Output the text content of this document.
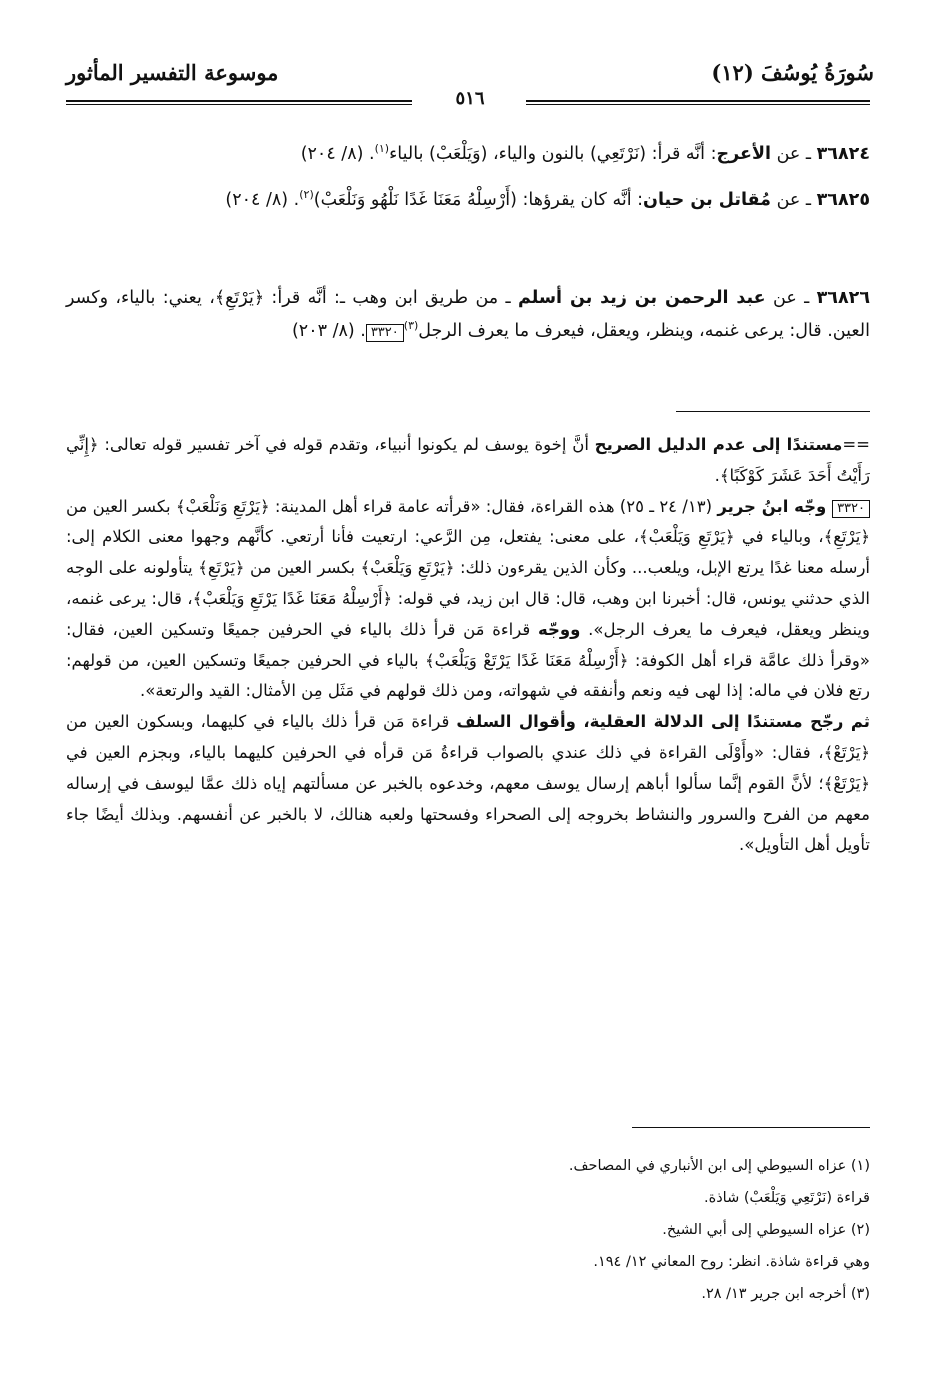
سُورَةُ يُوسُفَ (١٢)
موسوعة التفسير المأثور
٥١٦

٣٦٨٢٤ ـ عن الأعرج: أنَّه قرأ: (نَرْتَعِي) بالنون والياء، (وَيَلْعَبْ) بالياء$^{(١)}$. (٨/ ٢٠٤)

٣٦٨٢٥ ـ عن مُقاتل بن حيان: أنَّه كان يقرؤها: (أَرْسِلْهُ مَعَنَا غَدًا نَلْهُو وَنَلْعَبْ)$^{(٢)}$. (٨/ ٢٠٤)

٣٦٨٢٦ ـ عن عبد الرحمن بن زيد بن أسلم ـ من طريق ابن وهب ـ: أنَّه قرأ: ﴿يَرْتَعِ﴾، يعني: بالياء، وكسر العين. قال: يرعى غنمه، وينظر، ويعقل، فيعرف ما يعرف الرجل$^{(٣)}$٣٣٢٠. (٨/ ٢٠٣)

==مستندًا إلى عدم الدليل الصريح أنَّ إخوة يوسف لم يكونوا أنبياء، وتقدم قوله في آخر تفسير قوله تعالى: ﴿إِنِّي رَأَيْتُ أَحَدَ عَشَرَ كَوْكَبًا﴾.

٣٣٢٠ وجّه ابنُ جرير (١٣/ ٢٤ ـ ٢٥) هذه القراءة، فقال: «قرأته عامة قراء أهل المدينة: ﴿يَرْتَعِ وَنَلْعَبْ﴾ بكسر العين من ﴿يَرْتَعِ﴾، وبالياء في ﴿يَرْتَعِ وَيَلْعَبْ﴾، على معنى: يفتعل، مِن الرَّعي: ارتعيت فأنا أرتعي. كأنَّهم وجهوا معنى الكلام إلى: أرسله معنا غدًا يرتع الإبل، ويلعب... وكأن الذين يقرءون ذلك: ﴿يَرْتَعِ وَيَلْعَبْ﴾ بكسر العين من ﴿يَرْتَعِ﴾ يتأولونه على الوجه الذي حدثني يونس، قال: أخبرنا ابن وهب، قال: قال ابن زيد، في قوله: ﴿أَرْسِلْهُ مَعَنَا غَدًا يَرْتَعِ وَيَلْعَبْ﴾، قال: يرعى غنمه، وينظر ويعقل، فيعرف ما يعرف الرجل». ووجّه قراءة مَن قرأ ذلك بالياء في الحرفين جميعًا وتسكين العين، فقال: «وقرأ ذلك عامَّة قراء أهل الكوفة: ﴿أَرْسِلْهُ مَعَنَا غَدًا يَرْتَعْ وَيَلْعَبْ﴾ بالياء في الحرفين جميعًا وتسكين العين، من قولهم: رتع فلان في ماله: إذا لهى فيه ونعم وأنفقه في شهواته، ومن ذلك قولهم في مَثَل مِن الأمثال: القيد والرتعة».

ثم رجّح مستندًا إلى الدلالة العقلية، وأقوال السلف قراءة مَن قرأ ذلك بالياء في كليهما، وبسكون العين من ﴿يَرْتَعْ﴾، فقال: «وأَوْلَى القراءة في ذلك عندي بالصواب قراءةُ مَن قرأه في الحرفين كليهما بالياء، وبجزم العين في ﴿يَرْتَعْ﴾؛ لأنَّ القوم إنَّما سألوا أباهم إرسال يوسف معهم، وخدعوه بالخبر عن مسألتهم إياه ذلك عمَّا ليوسف في إرساله معهم من الفرح والسرور والنشاط بخروجه إلى الصحراء وفسحتها ولعبه هنالك، لا بالخبر عن أنفسهم. وبذلك أيضًا جاء تأويل أهل التأويل».

(١) عزاه السيوطي إلى ابن الأنباري في المصاحف.

قراءة (نَرْتَعِي وَيَلْعَبْ) شاذة.

(٢) عزاه السيوطي إلى أبي الشيخ.

وهي قراءة شاذة. انظر: روح المعاني ١٢/ ١٩٤.

(٣) أخرجه ابن جرير ١٣/ ٢٨.
